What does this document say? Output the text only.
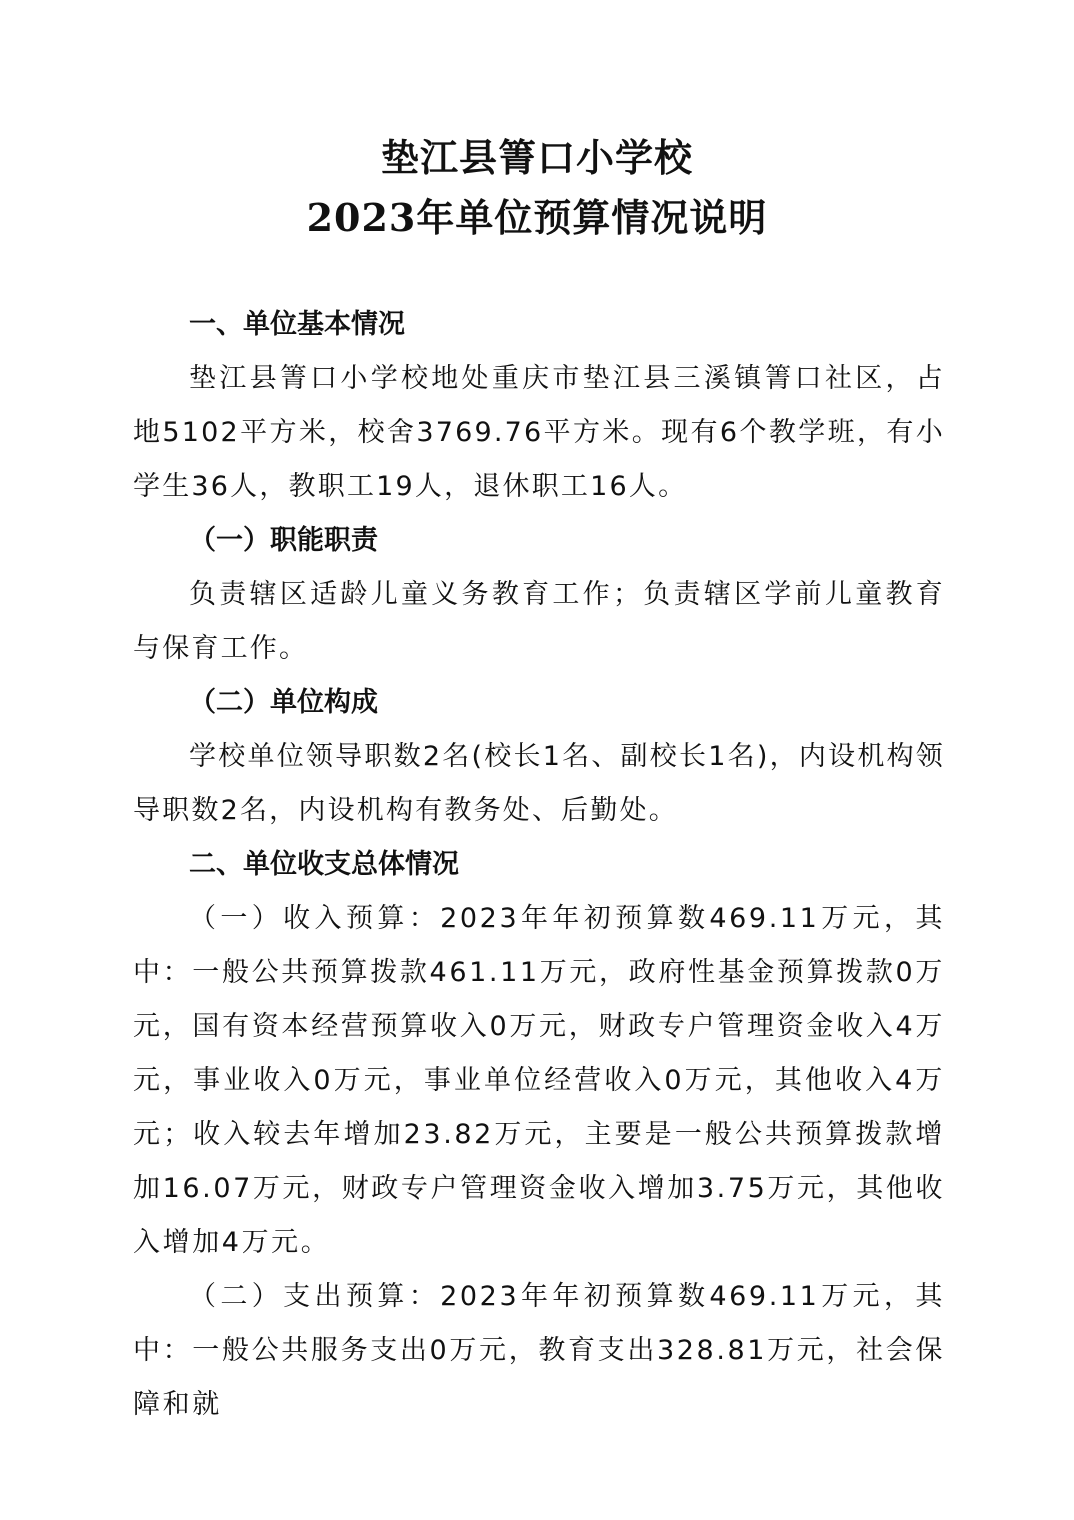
垫江县箐口小学校
2023年单位预算情况说明

一、单位基本情况

垫江县箐口小学校地处重庆市垫江县三溪镇箐口社区，占地5102平方米，校舍3769.76平方米。现有6个教学班，有小学生36人，教职工19人，退休职工16人。

（一）职能职责

负责辖区适龄儿童义务教育工作；负责辖区学前儿童教育与保育工作。

（二）单位构成

学校单位领导职数2名(校长1名、副校长1名)，内设机构领导职数2名，内设机构有教务处、后勤处。

二、单位收支总体情况

（一）收入预算：2023年年初预算数469.11万元，其中：一般公共预算拨款461.11万元，政府性基金预算拨款0万元，国有资本经营预算收入0万元，财政专户管理资金收入4万元，事业收入0万元，事业单位经营收入0万元，其他收入4万元；收入较去年增加23.82万元，主要是一般公共预算拨款增加16.07万元，财政专户管理资金收入增加3.75万元，其他收入增加4万元。

（二）支出预算：2023年年初预算数469.11万元，其中：一般公共服务支出0万元，教育支出328.81万元，社会保障和就
